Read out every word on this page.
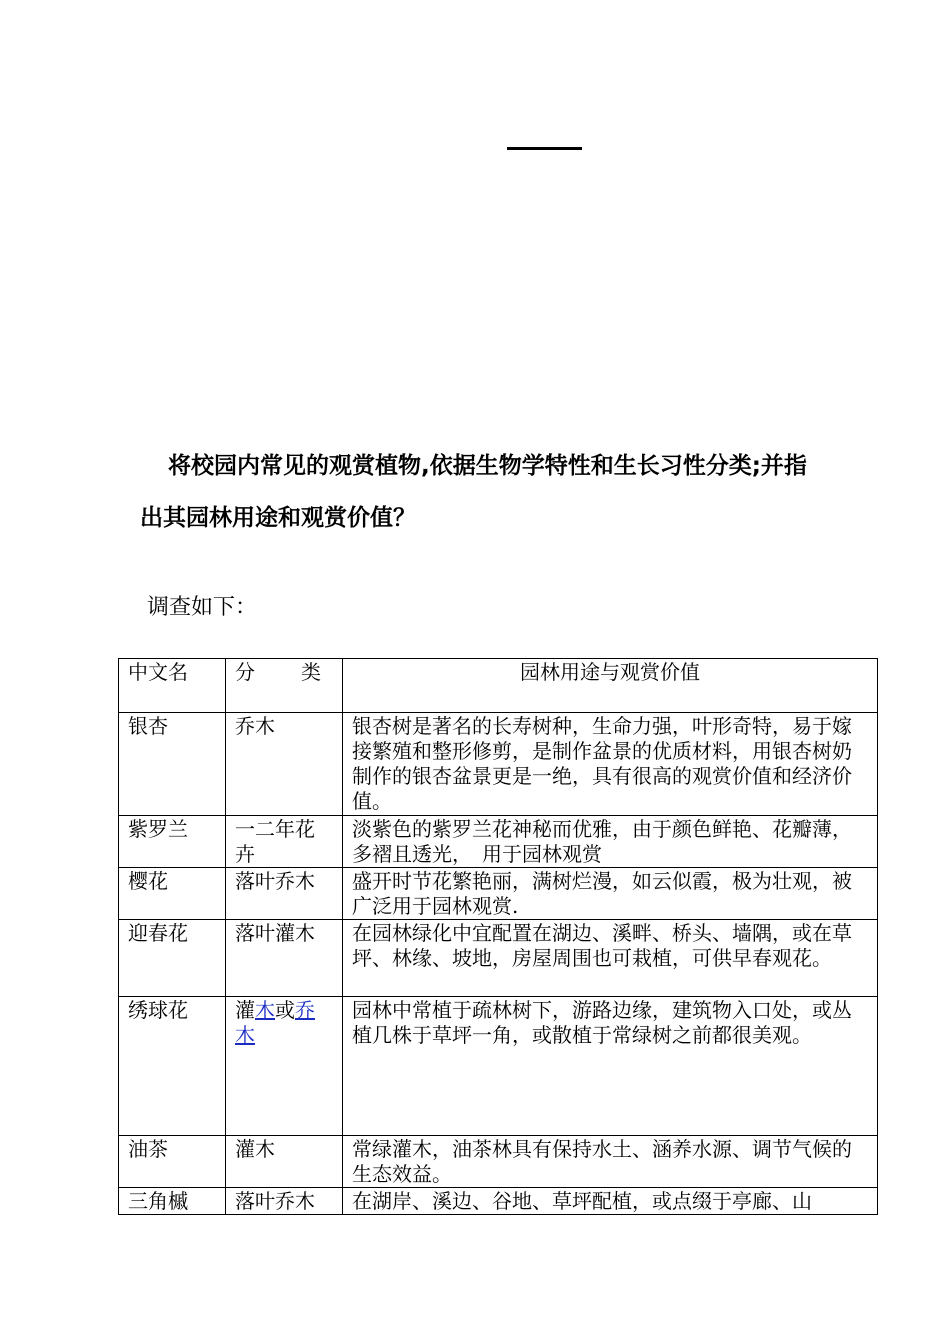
将校园内常见的观赏植物,依据生物学特性和生长习性分类;并指出其园林用途和观赏价值？

调查如下：

中文名	分　　类	园林用途与观赏价值
银杏	乔木	银杏树是著名的长寿树种，生命力强，叶形奇特，易于嫁接繁殖和整形修剪，是制作盆景的优质材料，用银杏树奶制作的银杏盆景更是一绝，具有很高的观赏价值和经济价值。
紫罗兰	一二年花卉	淡紫色的紫罗兰花神秘而优雅，由于颜色鲜艳、花瓣薄，多褶且透光，　用于园林观赏
樱花	落叶乔木	盛开时节花繁艳丽，满树烂漫，如云似霞，极为壮观，被广泛用于园林观赏.
迎春花	落叶灌木	在园林绿化中宜配置在湖边、溪畔、桥头、墙隅，或在草坪、林缘、坡地，房屋周围也可栽植，可供早春观花。
绣球花	灌木或乔木	园林中常植于疏林树下，游路边缘，建筑物入口处，或丛植几株于草坪一角，或散植于常绿树之前都很美观。
油茶	灌木	常绿灌木，油茶林具有保持水土、涵养水源、调节气候的生态效益。
三角槭	落叶乔木	在湖岸、溪边、谷地、草坪配植，或点缀于亭廊、山
